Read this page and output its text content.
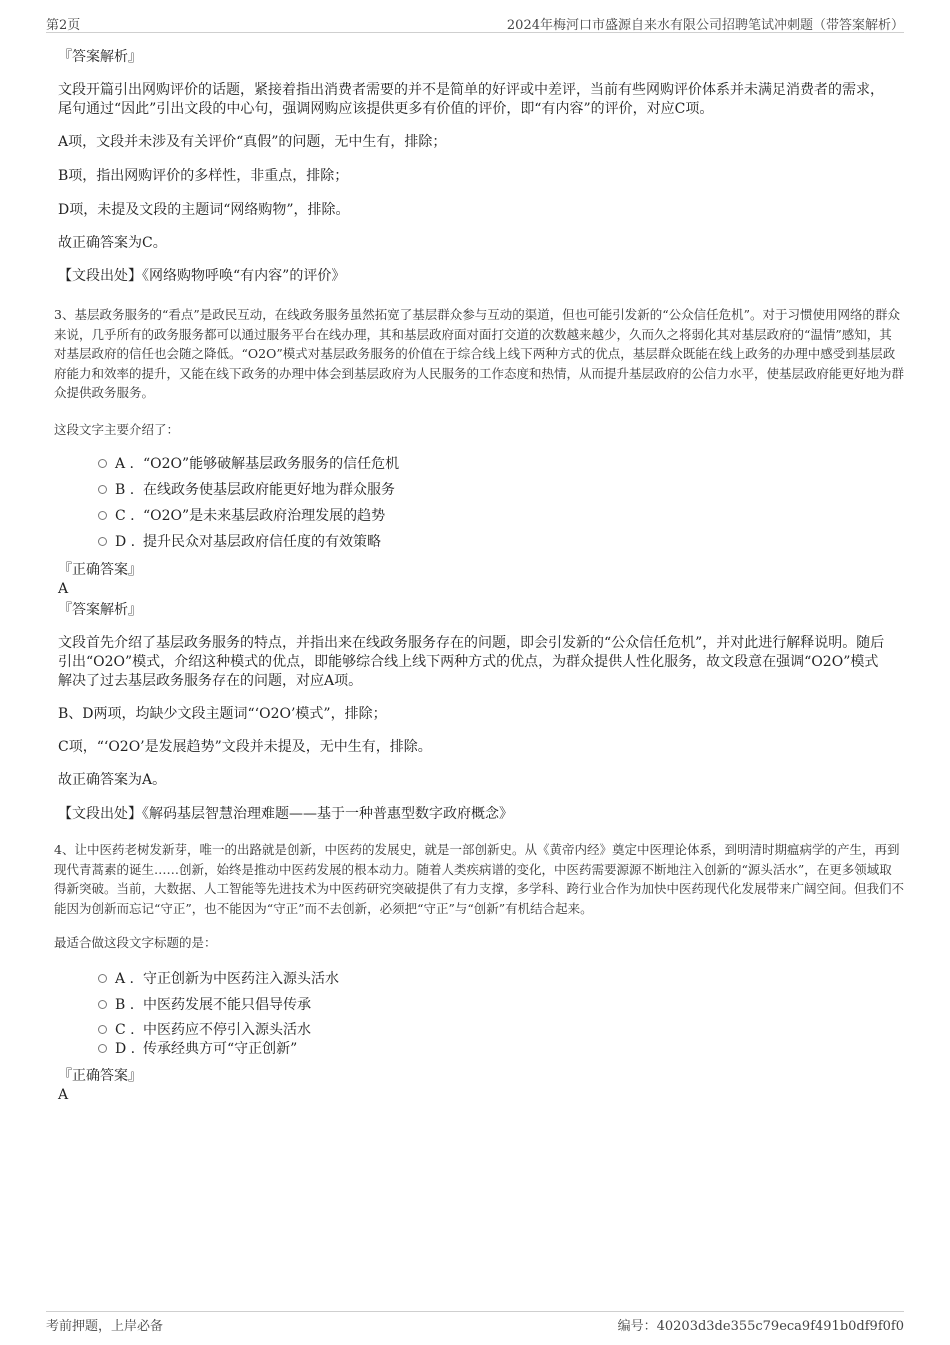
第2页	2024年梅河口市盛源自来水有限公司招聘笔试冲刺题（带答案解析）
『答案解析』

文段开篇引出网购评价的话题，紧接着指出消费者需要的并不是简单的好评或中差评，当前有些网购评价体系并未满足消费者的需求，尾句通过“因此”引出文段的中心句，强调网购应该提供更多有价值的评价，即“有内容”的评价，对应C项。

A项，文段并未涉及有关评价“真假”的问题，无中生有，排除；
B项，指出网购评价的多样性，非重点，排除；
D项，未提及文段的主题词“网络购物”，排除。
故正确答案为C。
【文段出处】《网络购物呼唤“有内容”的评价》

3、基层政务服务的“看点”是政民互动，在线政务服务虽然拓宽了基层群众参与互动的渠道，但也可能引发新的“公众信任危机”。对于习惯使用网络的群众来说，几乎所有的政务服务都可以通过服务平台在线办理，其和基层政府面对面打交道的次数越来越少，久而久之将弱化其对基层政府的“温情”感知，其对基层政府的信任也会随之降低。“O2O”模式对基层政务服务的价值在于综合线上线下两种方式的优点，基层群众既能在线上政务的办理中感受到基层政府能力和效率的提升，又能在线下政务的办理中体会到基层政府为人民服务的工作态度和热情，从而提升基层政府的公信力水平，使基层政府能更好地为群众提供政务服务。

这段文字主要介绍了：
A . “O2O”能够破解基层政务服务的信任危机
B . 在线政务使基层政府能更好地为群众服务
C . “O2O”是未来基层政府治理发展的趋势
D . 提升民众对基层政府信任度的有效策略
『正确答案』
A
『答案解析』

文段首先介绍了基层政务服务的特点，并指出来在线政务服务存在的问题，即会引发新的“公众信任危机”，并对此进行解释说明。随后引出“O2O”模式，介绍这种模式的优点，即能够综合线上线下两种方式的优点，为群众提供人性化服务，故文段意在强调“O2O”模式解决了过去基层政务服务存在的问题，对应A项。

B、D两项，均缺少文段主题词“‘O2O’模式”，排除；
C项，“‘O2O’是发展趋势”文段并未提及，无中生有，排除。
故正确答案为A。
【文段出处】《解码基层智慧治理难题——基于一种普惠型数字政府概念》

4、让中医药老树发新芽，唯一的出路就是创新，中医药的发展史，就是一部创新史。从《黄帝内经》奠定中医理论体系，到明清时期瘟病学的产生，再到现代青蒿素的诞生……创新，始终是推动中医药发展的根本动力。随着人类疾病谱的变化，中医药需要源源不断地注入创新的“源头活水”，在更多领域取得新突破。当前，大数据、人工智能等先进技术为中医药研究突破提供了有力支撑，多学科、跨行业合作为加快中医药现代化发展带来广阔空间。但我们不能因为创新而忘记“守正”，也不能因为“守正”而不去创新，必须把“守正”与“创新”有机结合起来。

最适合做这段文字标题的是：
A . 守正创新为中医药注入源头活水
B . 中医药发展不能只倡导传承
C . 中医药应不停引入源头活水
D . 传承经典方可“守正创新”
『正确答案』
A
考前押题，上岸必备	编号：40203d3de355c79eca9f491b0df9f0f0
